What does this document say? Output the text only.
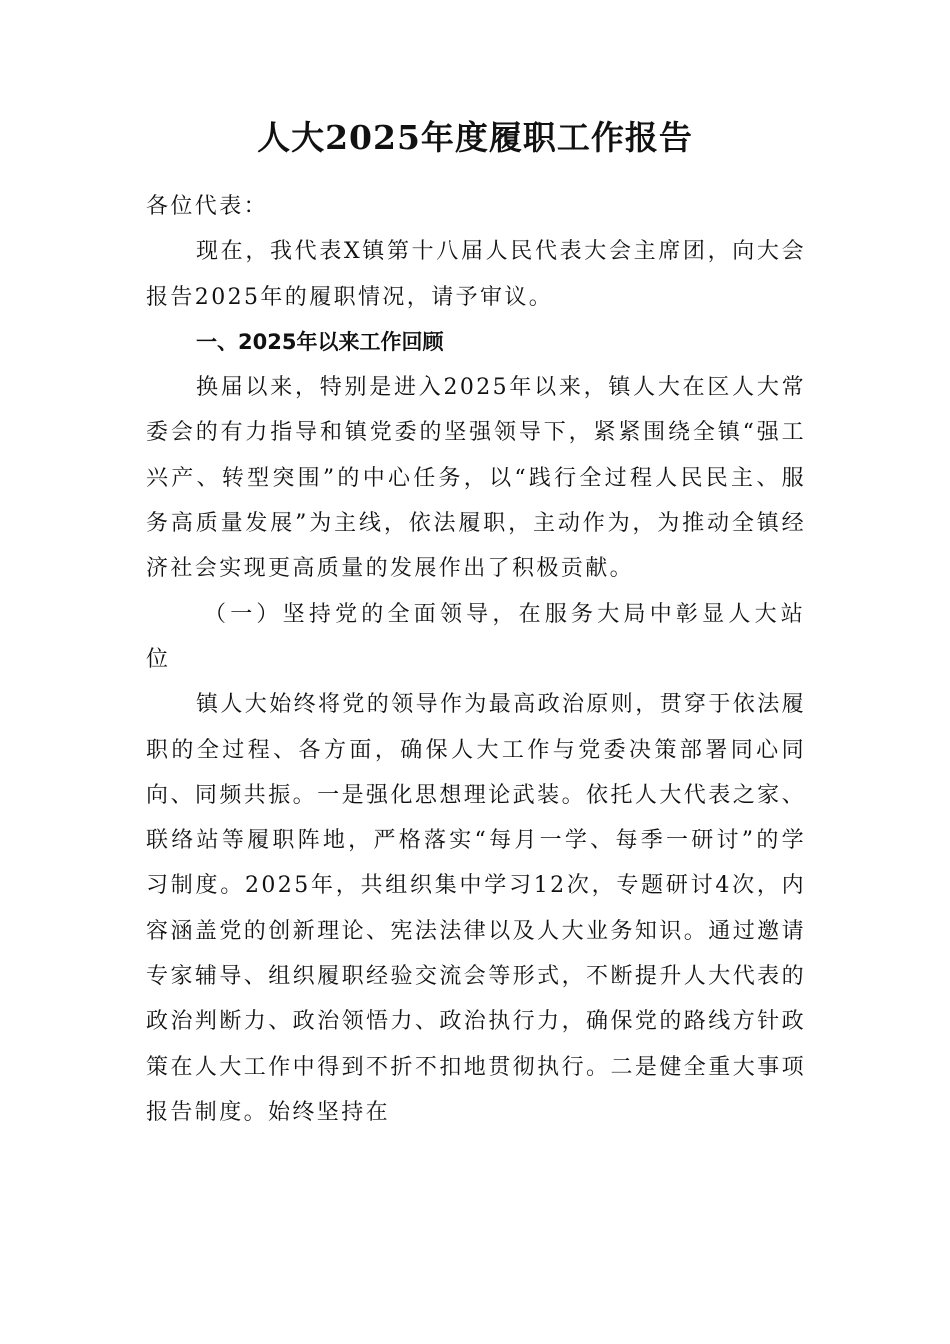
人大2025年度履职工作报告

各位代表：

现在，我代表X镇第十八届人民代表大会主席团，向大会报告2025年的履职情况，请予审议。

一、2025年以来工作回顾

换届以来，特别是进入2025年以来，镇人大在区人大常委会的有力指导和镇党委的坚强领导下，紧紧围绕全镇“强工兴产、转型突围”的中心任务，以“践行全过程人民民主、服务高质量发展”为主线，依法履职，主动作为，为推动全镇经济社会实现更高质量的发展作出了积极贡献。

（一）坚持党的全面领导，在服务大局中彰显人大站位

镇人大始终将党的领导作为最高政治原则，贯穿于依法履职的全过程、各方面，确保人大工作与党委决策部署同心同向、同频共振。一是强化思想理论武装。依托人大代表之家、联络站等履职阵地，严格落实“每月一学、每季一研讨”的学习制度。2025年，共组织集中学习12次，专题研讨4次，内容涵盖党的创新理论、宪法法律以及人大业务知识。通过邀请专家辅导、组织履职经验交流会等形式，不断提升人大代表的政治判断力、政治领悟力、政治执行力，确保党的路线方针政策在人大工作中得到不折不扣地贯彻执行。二是健全重大事项报告制度。始终坚持在
